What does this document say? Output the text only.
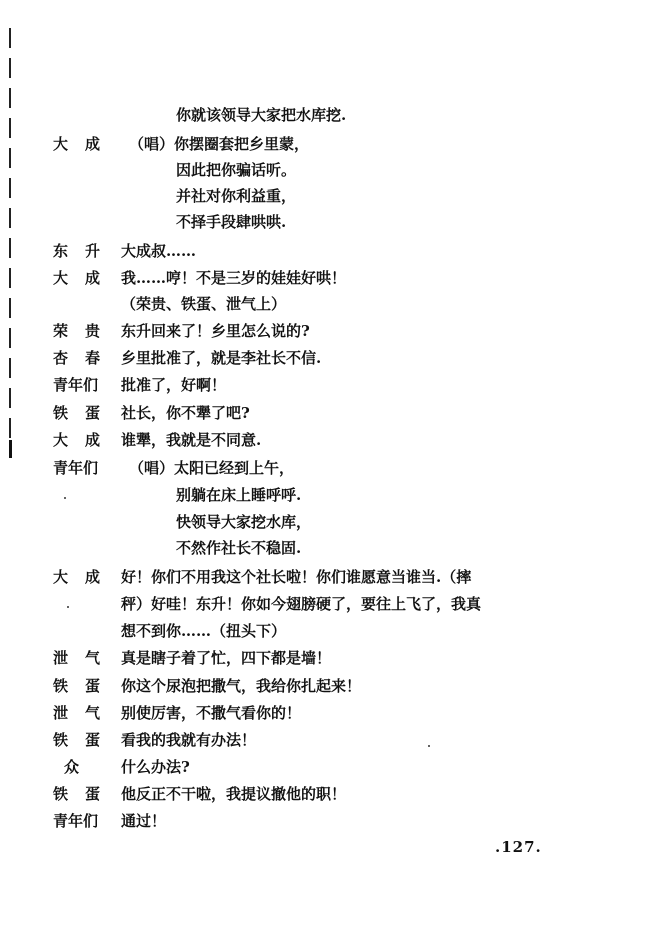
你就该领导大家把水库挖.
大　成	（唱）你摆圈套把乡里蒙，
因此把你骗话听。
并社对你利益重，
不择手段肆哄哄.
东　升	大成叔……
大　成	我……哼！不是三岁的娃娃好哄！
（荣贵、铁蛋、泄气上）
荣　贵	东升回来了！乡里怎么说的?
杏　春	乡里批准了，就是李社长不信.
青年们	批准了，好啊！
铁　蛋	社长，你不犟了吧?
大　成	谁犟，我就是不同意.
青年们	（唱）太阳已经到上午，
别躺在床上睡呼呼.
快领导大家挖水库，
不然作社长不稳固.
大　成	好！你们不用我这个社长啦！你们谁愿意当谁当.（摔
秤）好哇！东升！你如今翅膀硬了，要往上飞了，我真
想不到你……（扭头下）
泄　气	真是瞎子着了忙，四下都是墙！
铁　蛋	你这个尿泡把撒气，我给你扎起来！
泄　气	别使厉害，不撒气看你的！
铁　蛋	看我的我就有办法！
众	什么办法?
铁　蛋	他反正不干啦，我提议撤他的职！
青年们	通过！
.127.
